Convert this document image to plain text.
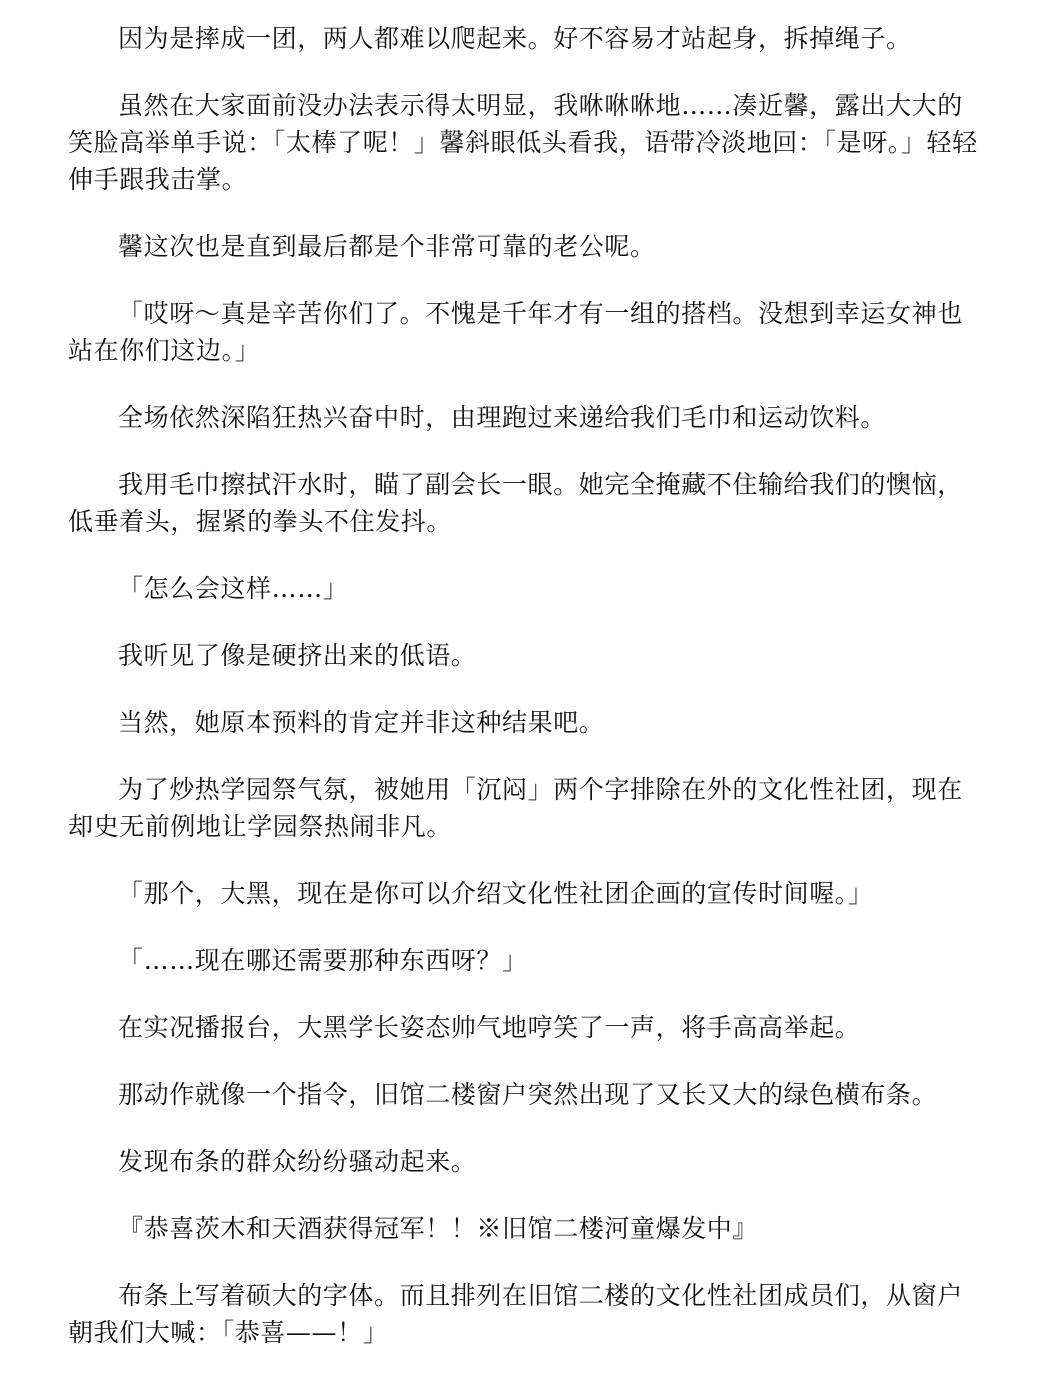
因为是摔成一团，两人都难以爬起来。好不容易才站起身，拆掉绳子。

虽然在大家面前没办法表示得太明显，我咻咻咻地……凑近馨，露出大大的笑脸高举单手说：「太棒了呢！」馨斜眼低头看我，语带冷淡地回：「是呀。」轻轻伸手跟我击掌。

馨这次也是直到最后都是个非常可靠的老公呢。

「哎呀～真是辛苦你们了。不愧是千年才有一组的搭档。没想到幸运女神也站在你们这边。」

全场依然深陷狂热兴奋中时，由理跑过来递给我们毛巾和运动饮料。

我用毛巾擦拭汗水时，瞄了副会长一眼。她完全掩藏不住输给我们的懊恼，低垂着头，握紧的拳头不住发抖。

「怎么会这样……」

我听见了像是硬挤出来的低语。

当然，她原本预料的肯定并非这种结果吧。

为了炒热学园祭气氛，被她用「沉闷」两个字排除在外的文化性社团，现在却史无前例地让学园祭热闹非凡。

「那个，大黑，现在是你可以介绍文化性社团企画的宣传时间喔。」

「……现在哪还需要那种东西呀？」

在实况播报台，大黑学长姿态帅气地哼笑了一声，将手高高举起。

那动作就像一个指令，旧馆二楼窗户突然出现了又长又大的绿色横布条。

发现布条的群众纷纷骚动起来。

『恭喜茨木和天酒获得冠军！！※旧馆二楼河童爆发中』

布条上写着硕大的字体。而且排列在旧馆二楼的文化性社团成员们，从窗户朝我们大喊：「恭喜——！」
